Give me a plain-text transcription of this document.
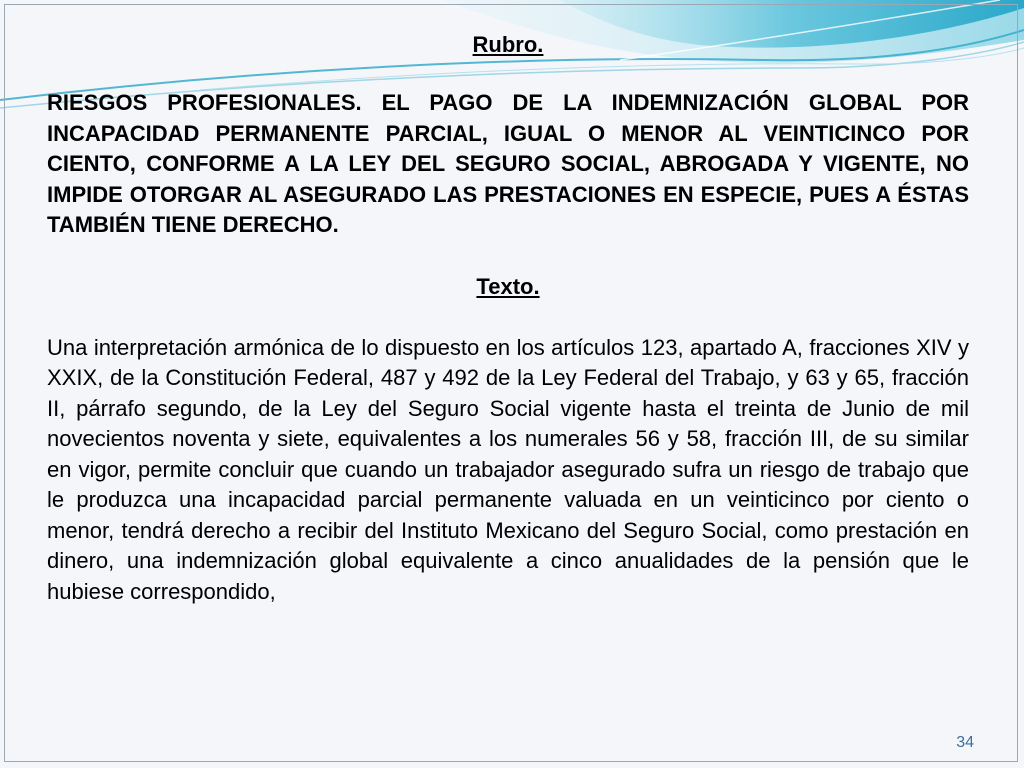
Rubro.

RIESGOS PROFESIONALES. EL PAGO DE LA INDEMNIZACIÓN GLOBAL POR INCAPACIDAD PERMANENTE PARCIAL, IGUAL O MENOR AL VEINTICINCO POR CIENTO, CONFORME A LA LEY DEL SEGURO SOCIAL, ABROGADA Y VIGENTE, NO IMPIDE OTORGAR AL ASEGURADO LAS PRESTACIONES EN ESPECIE, PUES A ÉSTAS TAMBIÉN TIENE DERECHO.

Texto.

Una interpretación armónica de lo dispuesto en los artículos 123, apartado A, fracciones XIV y XXIX, de la Constitución Federal, 487 y 492 de la Ley Federal del Trabajo, y 63 y 65, fracción II, párrafo segundo, de la Ley del Seguro Social vigente hasta el treinta de Junio de mil novecientos noventa y siete, equivalentes a los numerales 56 y 58, fracción III, de su similar en vigor, permite concluir que cuando un trabajador asegurado sufra un riesgo de trabajo que le produzca una incapacidad parcial permanente valuada en un veinticinco por ciento o menor, tendrá derecho a recibir del Instituto Mexicano del Seguro Social, como prestación en dinero, una indemnización global equivalente a cinco anualidades de la pensión que le hubiese correspondido,

34
